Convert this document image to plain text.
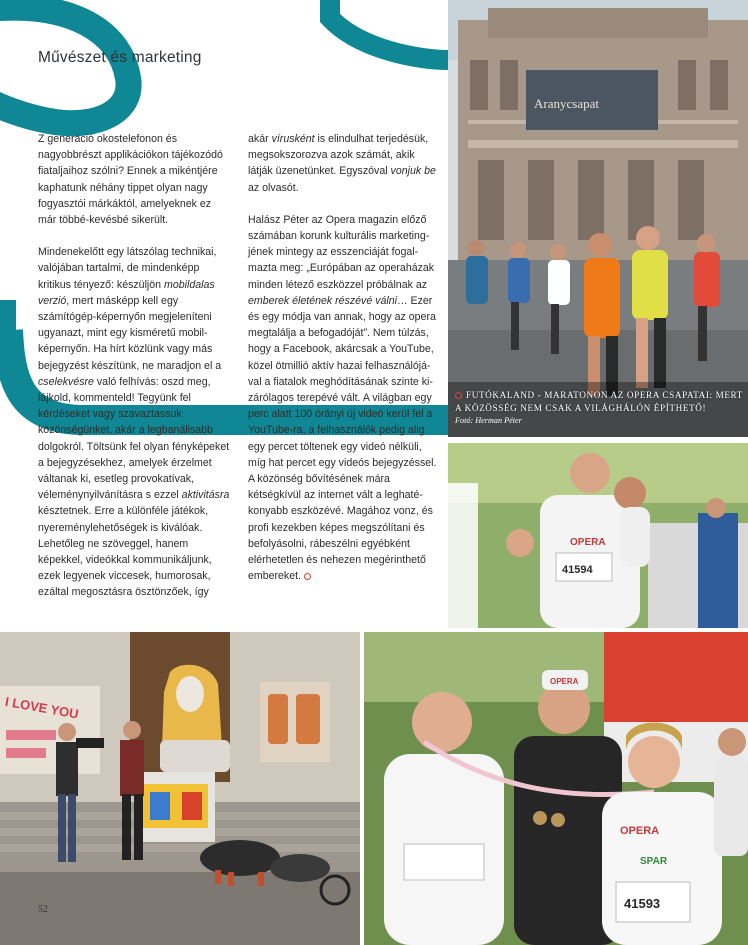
Művészet és marketing

Z generáció okostelefonon és nagyobbrészt applikációkon tájékozódó fiataljaihoz szólni? Ennek a mikéntjére kaphatunk néhány tippet olyan nagy fogyasztói márkáktól, amelyeknek ez már többé-kevésbé sikerült.

Mindenekelőtt egy látszólag technikai, valójában tartalmi, de mindenképp kritikus tényező: készüljön mobildalas verzió, mert másképp kell egy számítógép-képernyőn megjeleníteni ugyanazt, mint egy kisméretű mobilképernyőn. Ha hírt közlünk vagy más bejegyzést készítünk, ne maradjon el a cselekvésre való felhívás: oszd meg, lájkold, kommenteld! Tegyünk fel kérdéseket vagy szavaztassuk közönségünket, akár a legbanálisabb dolgokról. Töltsünk fel olyan fényképeket a bejegyzésekhez, amelyek érzelmet váltanak ki, esetleg provokatívak, véleménynyilvánításra s ezzel aktivitásra késztetnek. Erre a különféle játékok, nyereménylehetőségek is kiválóak. Lehetőleg ne szöveggel, hanem képekkel, videókkal kommunikáljunk, ezek legyenek viccesek, humorosak, ezáltal megosztásra ösztönzőek, így

akár vírusként is elindulhat terjedésük, megsokszorozva azok számát, akik látják üzenetünket. Egyszóval vonjuk be az olvasót.

Halász Péter az Opera magazin előző számában korunk kulturális marketingjének mintegy az esszenciáját fogalmazta meg: „Európában az operaházak minden létező eszközzel próbálnak az emberek életének részévé válni… Ezer és egy módja van annak, hogy az opera megtalálja a befogadóját”. Nem túlzás, hogy a Facebook, akárcsak a YouTube, közel ötmillió aktív hazai felhasználójával a fiatalok meghódításának szinte kizárólagos terepévé vált. A világban egy perc alatt 100 órányi új videó kerül fel a YouTube-ra, a felhasználók pedig alig egy percet töltenek egy videó nélküli, míg hat percet egy videós bejegyzéssel. A közönség bővítésének mára kétségkívül az internet vált a leghatékonyabb eszközévé. Magához vonz, és profi kezekben képes megszólítani és befolyásolni, rábeszélni egyébként elérhetetlen és nehezen megérinthető embereket.

Aranycsapat
FUTÓKALAND - MARATONON AZ OPERA CSAPATAI: MERT A KÖZÖSSÉG NEM CSAK A VILÁGHÁLÓN ÉPÍTHETŐ!
Fotó: Herman Péter
OPERA
41594
I LOVE YOU
OPERA
OPERA
SPAR
41593
52
